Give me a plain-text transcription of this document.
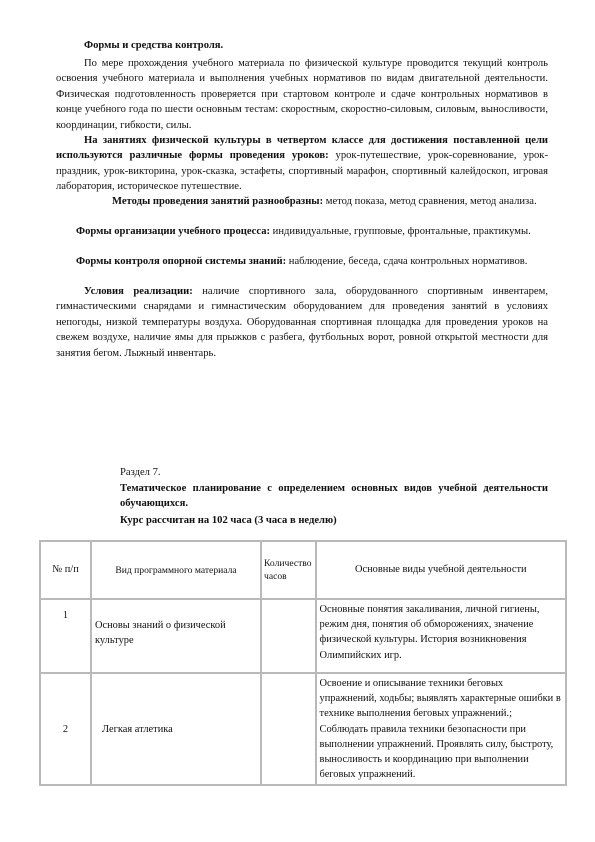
Формы и средства контроля.

По мере прохождения учебного материала по физической культуре проводится текущий контроль освоения учебного материала и выполнения учебных нормативов по видам двигательной деятельности. Физическая подготовленность проверяется при стартовом контроле и сдаче контрольных нормативов в конце учебного года по шести основным тестам: скоростным, скоростно-силовым, силовым, выносливости, координации, гибкости, силы.

На занятиях физической культуры в четвертом классе для достижения поставленной цели используются различные формы проведения уроков: урок-путешествие, урок-соревнование, урок-праздник, урок-викторина, урок-сказка, эстафеты, спортивный марафон, спортивный калейдоскоп, игровая лаборатория, историческое путешествие.

Методы проведения занятий разнообразны: метод показа, метод сравнения, метод анализа.

Формы организации учебного процесса: индивидуальные, групповые, фронтальные, практикумы.

Формы контроля опорной системы знаний: наблюдение, беседа, сдача контрольных нормативов.

Условия реализации: наличие спортивного зала, оборудованного спортивным инвентарем, гимнастическими снарядами и гимнастическим оборудованием для проведения занятий в условиях непогоды, низкой температуры воздуха. Оборудованная спортивная площадка для проведения уроков на свежем воздухе, наличие ямы для прыжков с разбега, футбольных ворот, ровной открытой местности для занятия бегом. Лыжный инвентарь.

Раздел 7.

Тематическое планирование с определением основных видов учебной деятельности обучающихся.

Курс рассчитан на 102 часа (3 часа в неделю)

№ п/п	Вид программного материала	Количество часов	Основные виды учебной деятельности
1	Основы знаний о физической культуре		Основные понятия закаливания, личной гигиены, режим дня, понятия об обморожениях, значение физической культуры. История возникновения Олимпийских игр.
2	Легкая атлетика		Освоение и описывание техники беговых упражнений, ходьбы; выявлять характерные ошибки в технике выполнения беговых упражнений.; Соблюдать правила техники безопасности при выполнении упражнений. Проявлять силу, быстроту, выносливость и координацию при выполнении беговых упражнений.
